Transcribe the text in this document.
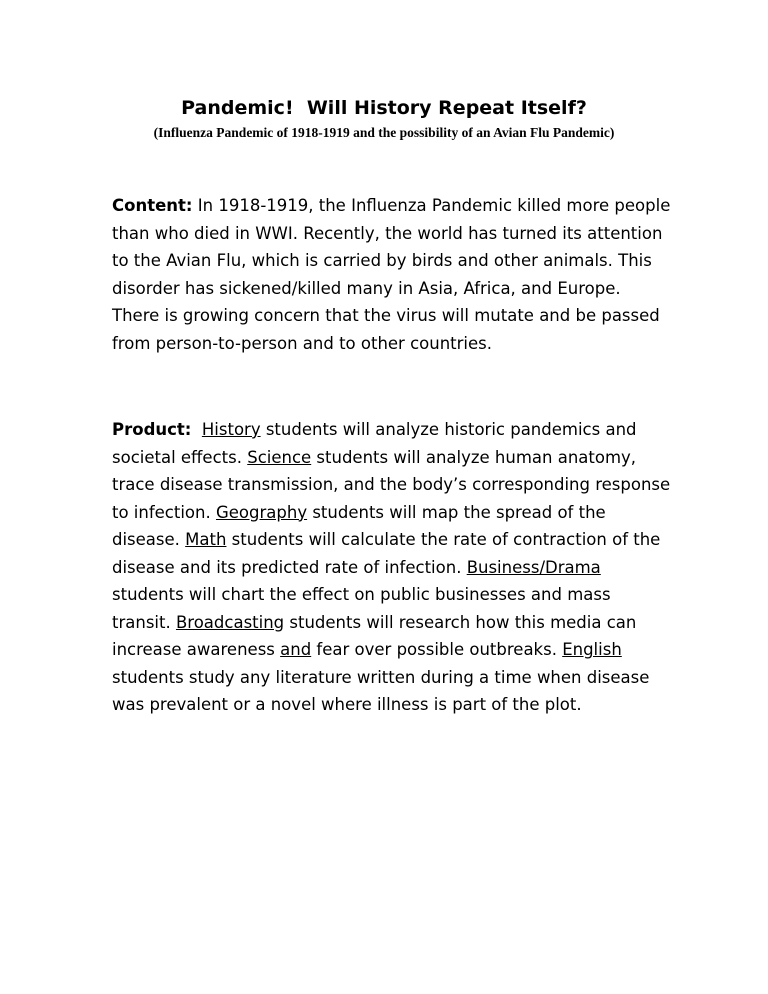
Pandemic!  Will History Repeat Itself?
(Influenza Pandemic of 1918-1919 and the possibility of an Avian Flu Pandemic)

Content: In 1918-1919, the Influenza Pandemic killed more people than who died in WWI. Recently, the world has turned its attention to the Avian Flu, which is carried by birds and other animals. This disorder has sickened/killed many in Asia, Africa, and Europe. There is growing concern that the virus will mutate and be passed from person-to-person and to other countries.

Product: History students will analyze historic pandemics and societal effects. Science students will analyze human anatomy, trace disease transmission, and the body’s corresponding response to infection. Geography students will map the spread of the disease. Math students will calculate the rate of contraction of the disease and its predicted rate of infection. Business/Drama students will chart the effect on public businesses and mass transit. Broadcasting students will research how this media can increase awareness and fear over possible outbreaks. English students study any literature written during a time when disease was prevalent or a novel where illness is part of the plot.
